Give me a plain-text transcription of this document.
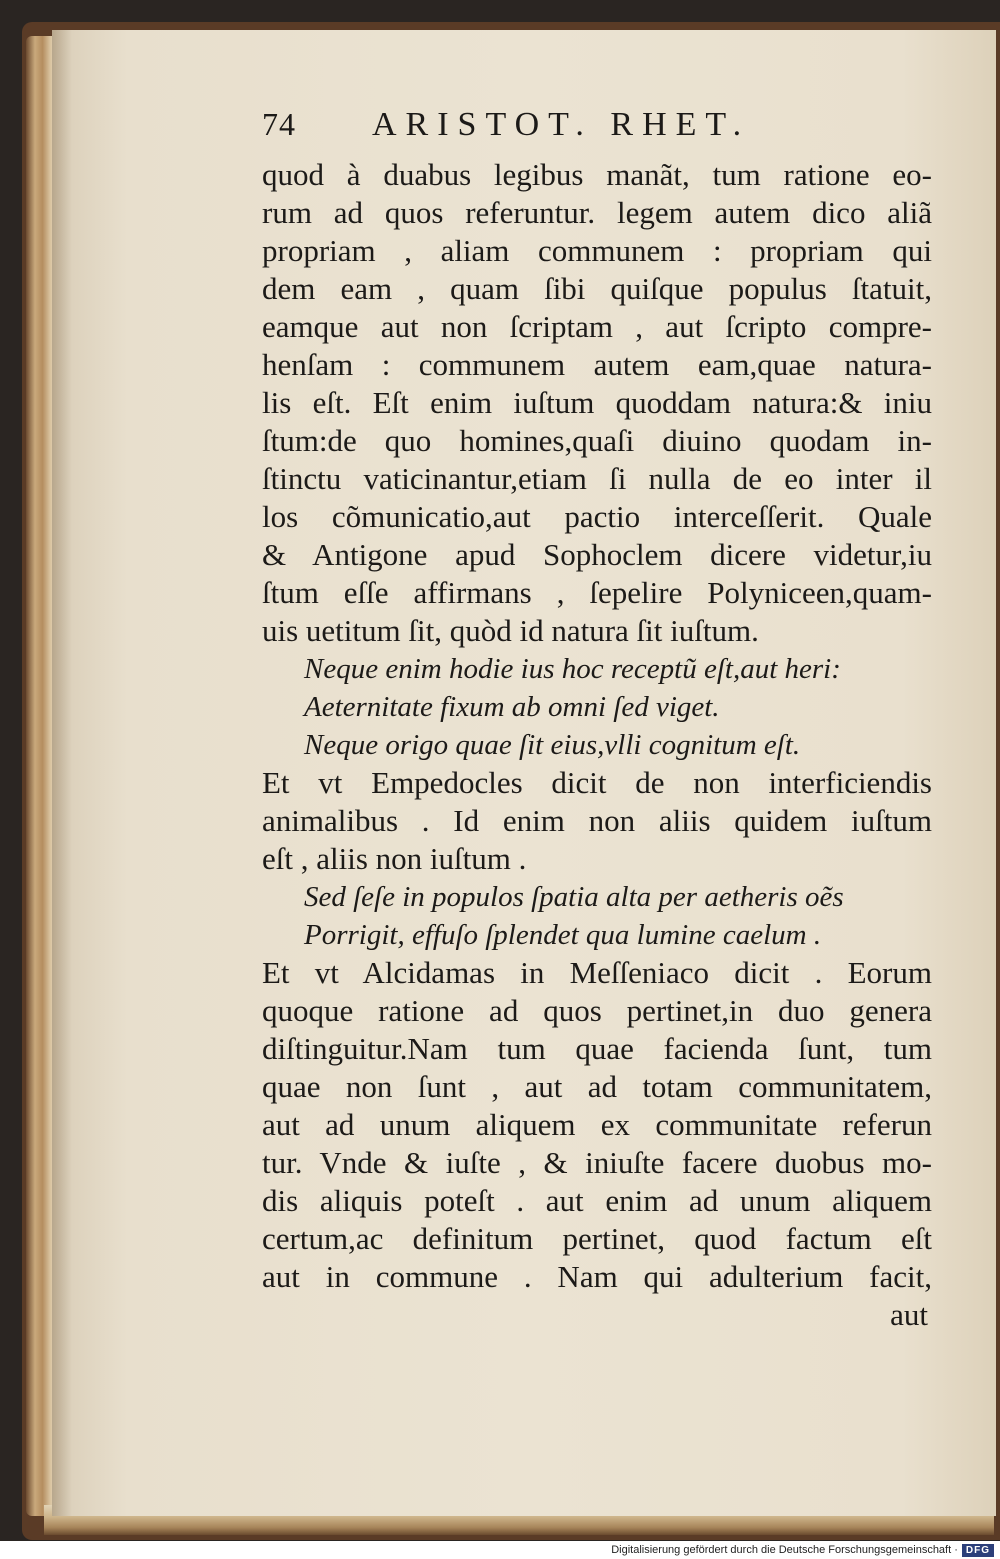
74	ARISTOT. RHET.
quod à duabus legibus manãt, tum ratione eo-
rum ad quos referuntur. legem autem dico aliã
propriam , aliam communem : propriam qui
dem eam , quam ſibi quiſque populus ſtatuit,
eamque aut non ſcriptam , aut ſcripto compre-
henſam : communem autem eam,quae natura-
lis eſt. Eſt enim iuſtum quoddam natura:& iniu
ſtum:de quo homines,quaſi diuino quodam in-
ſtinctu vaticinantur,etiam ſi nulla de eo inter il
los cõmunicatio,aut pactio interceſſerit. Quale
& Antigone apud Sophoclem dicere videtur,iu
ſtum eſſe affirmans , ſepelire Polyniceen,quam-
uis uetitum ſit, quòd id natura ſit iuſtum.
Neque enim hodie ius hoc receptũ eſt,aut heri:
Aeternitate fixum ab omni ſed viget.
Neque origo quae ſit eius,vlli cognitum eſt.
Et vt Empedocles dicit de non interficiendis
animalibus . Id enim non aliis quidem iuſtum
eſt , aliis non iuſtum .
Sed ſeſe in populos ſpatia alta per aetheris oẽs
Porrigit, effuſo ſplendet qua lumine caelum .
Et vt Alcidamas in Meſſeniaco dicit . Eorum
quoque ratione ad quos pertinet,in duo genera
diſtinguitur.Nam tum quae facienda ſunt, tum
quae non ſunt , aut ad totam communitatem,
aut ad unum aliquem ex communitate referun
tur. Vnde & iuſte , & iniuſte facere duobus mo-
dis aliquis poteſt . aut enim ad unum aliquem
certum,ac definitum pertinet, quod factum eſt
aut in commune . Nam qui adulterium facit,
aut
Digitalisierung gefördert durch die Deutsche Forschungsgemeinschaft · DFG
